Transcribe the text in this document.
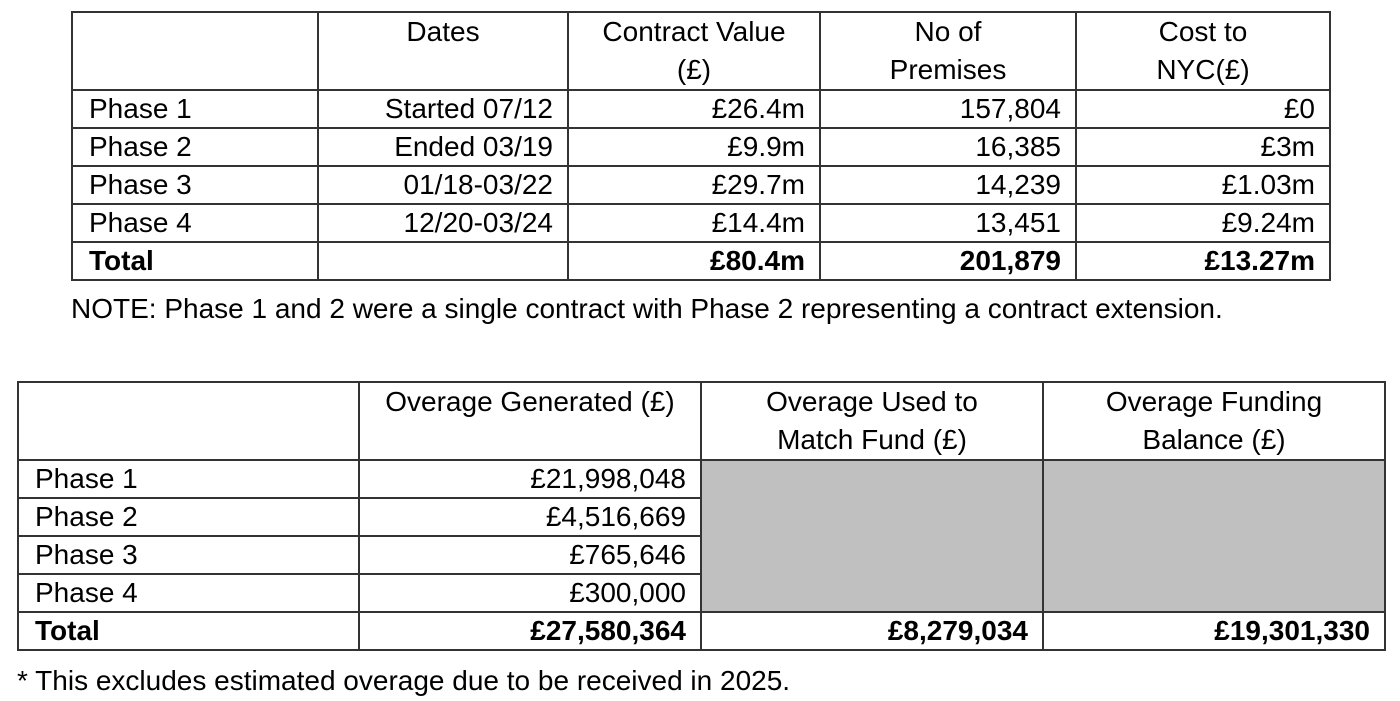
	Dates	Contract Value (£)	No of Premises	Cost to NYC(£)
Phase 1	Started 07/12	£26.4m	157,804	£0
Phase 2	Ended 03/19	£9.9m	16,385	£3m
Phase 3	01/18-03/22	£29.7m	14,239	£1.03m
Phase 4	12/20-03/24	£14.4m	13,451	£9.24m
Total		£80.4m	201,879	£13.27m
NOTE: Phase 1 and 2 were a single contract with Phase 2 representing a contract extension.
	Overage Generated (£)	Overage Used to Match Fund (£)	Overage Funding Balance (£)
Phase 1	£21,998,048		
Phase 2	£4,516,669		
Phase 3	£765,646		
Phase 4	£300,000		
Total	£27,580,364	£8,279,034	£19,301,330
* This excludes estimated overage due to be received in 2025.
